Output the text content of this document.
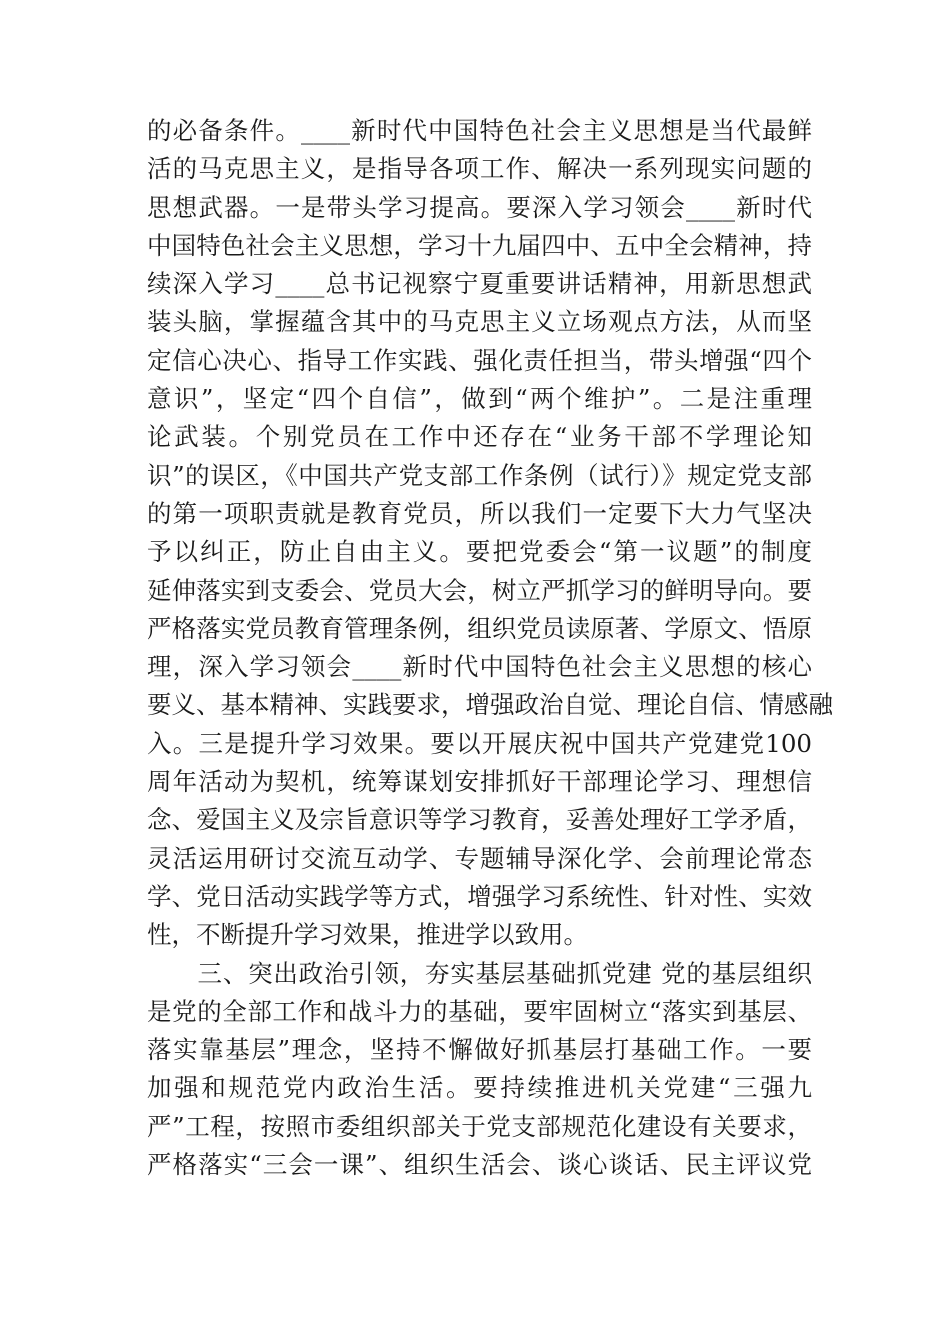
的必备条件。____新时代中国特色社会主义思想是当代最鲜
活的马克思主义，是指导各项工作、解决一系列现实问题的
思想武器。一是带头学习提高。要深入学习领会____新时代
中国特色社会主义思想，学习十九届四中、五中全会精神，持
续深入学习____总书记视察宁夏重要讲话精神，用新思想武
装头脑，掌握蕴含其中的马克思主义立场观点方法，从而坚
定信心决心、指导工作实践、强化责任担当，带头增强“四个
意识”，坚定“四个自信”，做到“两个维护”。二是注重理
论武装。个别党员在工作中还存在“业务干部不学理论知
识”的误区，《中国共产党支部工作条例（试行）》规定党支部
的第一项职责就是教育党员，所以我们一定要下大力气坚决
予以纠正，防止自由主义。要把党委会“第一议题”的制度
延伸落实到支委会、党员大会，树立严抓学习的鲜明导向。要
严格落实党员教育管理条例，组织党员读原著、学原文、悟原
理，深入学习领会____新时代中国特色社会主义思想的核心
要义、基本精神、实践要求，增强政治自觉、理论自信、情感融
入。三是提升学习效果。要以开展庆祝中国共产党建党100
周年活动为契机，统筹谋划安排抓好干部理论学习、理想信
念、爱国主义及宗旨意识等学习教育，妥善处理好工学矛盾，
灵活运用研讨交流互动学、专题辅导深化学、会前理论常态
学、党日活动实践学等方式，增强学习系统性、针对性、实效
性，不断提升学习效果，推进学以致用。
　　三、突出政治引领，夯实基层基础抓党建 党的基层组织
是党的全部工作和战斗力的基础，要牢固树立“落实到基层、
落实靠基层”理念，坚持不懈做好抓基层打基础工作。一要
加强和规范党内政治生活。要持续推进机关党建“三强九
严”工程，按照市委组织部关于党支部规范化建设有关要求，
严格落实“三会一课”、组织生活会、谈心谈话、民主评议党
